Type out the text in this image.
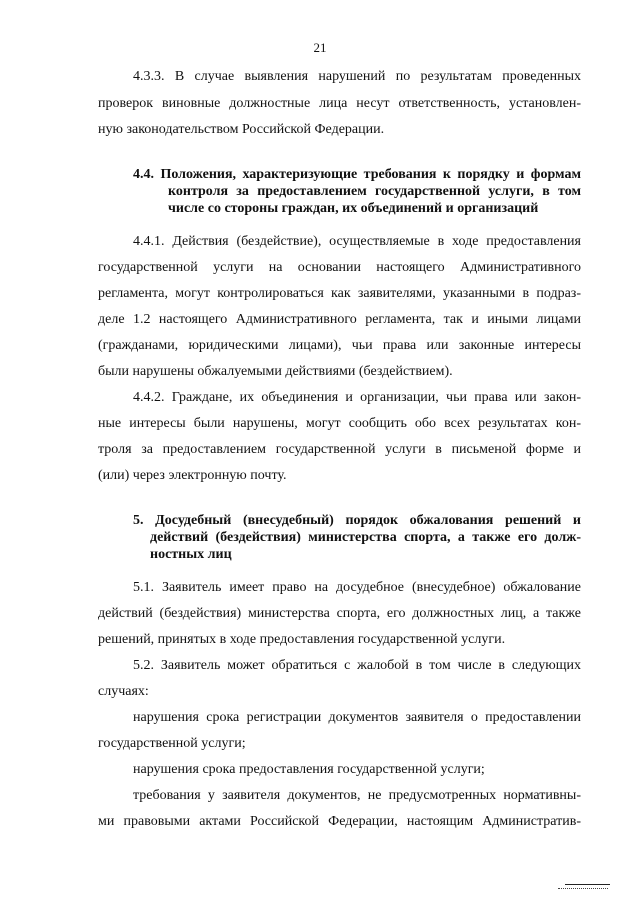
21
4.3.3. В случае выявления нарушений по результатам проведенных
проверок виновные должностные лица несут ответственность, установлен-
ную законодательством Российской Федерации.
4.4. Положения, характеризующие требования к порядку и формам
контроля за предоставлением государственной услуги, в том
числе со стороны граждан, их объединений и организаций
4.4.1. Действия (бездействие), осуществляемые в ходе предоставления
государственной услуги на основании настоящего Административного
регламента, могут контролироваться как заявителями, указанными в подраз-
деле 1.2 настоящего Административного регламента, так и иными лицами
(гражданами, юридическими лицами), чьи права или законные интересы
были нарушены обжалуемыми действиями (бездействием).
4.4.2. Граждане, их объединения и организации, чьи права или закон-
ные интересы были нарушены, могут сообщить обо всех результатах кон-
троля за предоставлением государственной услуги в письменой форме и
(или) через электронную почту.
5. Досудебный (внесудебный) порядок обжалования решений и
действий (бездействия) министерства спорта, а также его долж-
ностных лиц
5.1. Заявитель имеет право на досудебное (внесудебное) обжалование
действий (бездействия) министерства спорта, его должностных лиц, а также
решений, принятых в ходе предоставления государственной услуги.
5.2. Заявитель может обратиться с жалобой в том числе в следующих
случаях:
нарушения срока регистрации документов заявителя о предоставлении
государственной услуги;
нарушения срока предоставления государственной услуги;
требования у заявителя документов, не предусмотренных нормативны-
ми правовыми актами Российской Федерации, настоящим Административ-
